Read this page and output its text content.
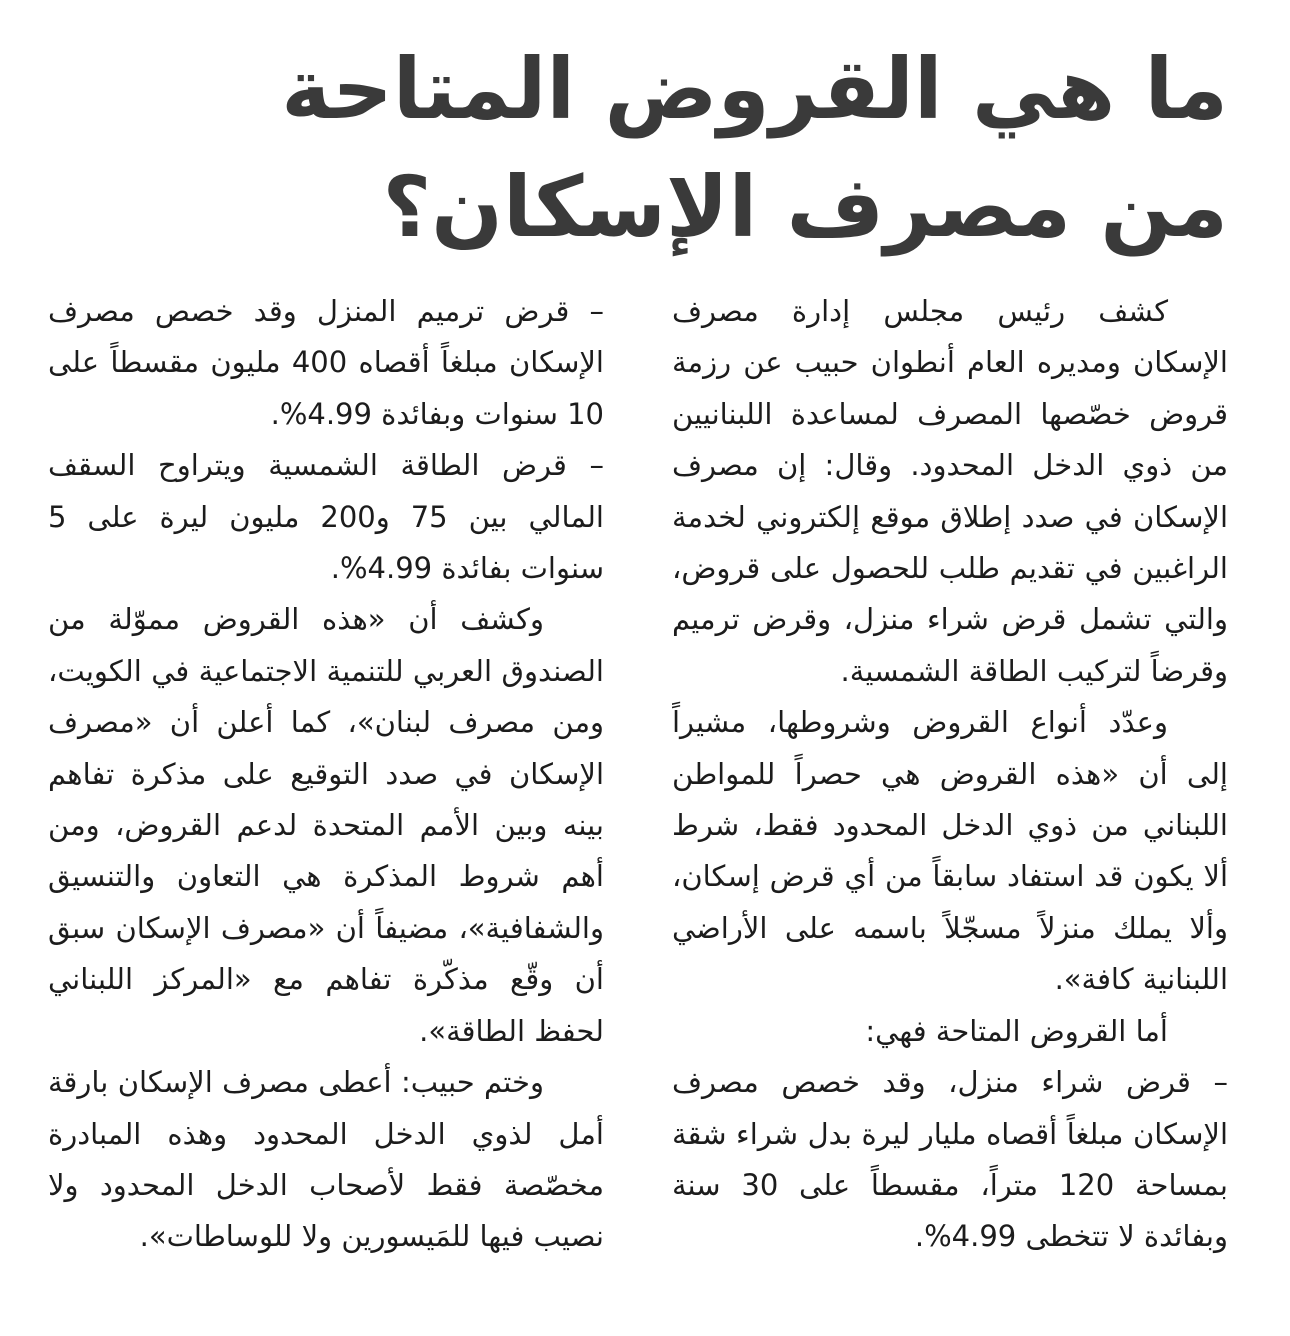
ما هي القروض المتاحة
من مصرف الإسكان؟

كشف رئيس مجلس إدارة مصرف الإسكان ومديره العام أنطوان حبيب عن رزمة قروض خصّصها المصرف لمساعدة اللبنانيين من ذوي الدخل المحدود. وقال: إن مصرف الإسكان في صدد إطلاق موقع إلكتروني لخدمة الراغبين في تقديم طلب للحصول على قروض، والتي تشمل قرض شراء منزل، وقرض ترميم وقرضاً لتركيب الطاقة الشمسية.

وعدّد أنواع القروض وشروطها، مشيراً إلى أن «هذه القروض هي حصراً للمواطن اللبناني من ذوي الدخل المحدود فقط، شرط ألا يكون قد استفاد سابقاً من أي قرض إسكان، وألا يملك منزلاً مسجّلاً باسمه على الأراضي اللبنانية كافة».

أما القروض المتاحة فهي:

– قرض شراء منزل، وقد خصص مصرف الإسكان مبلغاً أقصاه مليار ليرة بدل شراء شقة بمساحة 120 متراً، مقسطاً على 30 سنة وبفائدة لا تتخطى 4.99%.

– قرض ترميم المنزل وقد خصص مصرف الإسكان مبلغاً أقصاه 400 مليون مقسطاً على 10 سنوات وبفائدة 4.99%.

– قرض الطاقة الشمسية ويتراوح السقف المالي بين 75 و200 مليون ليرة على 5 سنوات بفائدة 4.99%.

وكشف أن «هذه القروض مموّلة من الصندوق العربي للتنمية الاجتماعية في الكويت، ومن مصرف لبنان»، كما أعلن أن «مصرف الإسكان في صدد التوقيع على مذكرة تفاهم بينه وبين الأمم المتحدة لدعم القروض، ومن أهم شروط المذكرة هي التعاون والتنسيق والشفافية»، مضيفاً أن «مصرف الإسكان سبق أن وقّع مذكّرة تفاهم مع «المركز اللبناني لحفظ الطاقة».

وختم حبيب: أعطى مصرف الإسكان بارقة أمل لذوي الدخل المحدود وهذه المبادرة مخصّصة فقط لأصحاب الدخل المحدود ولا نصيب فيها للمَيسورين ولا للوساطات».
